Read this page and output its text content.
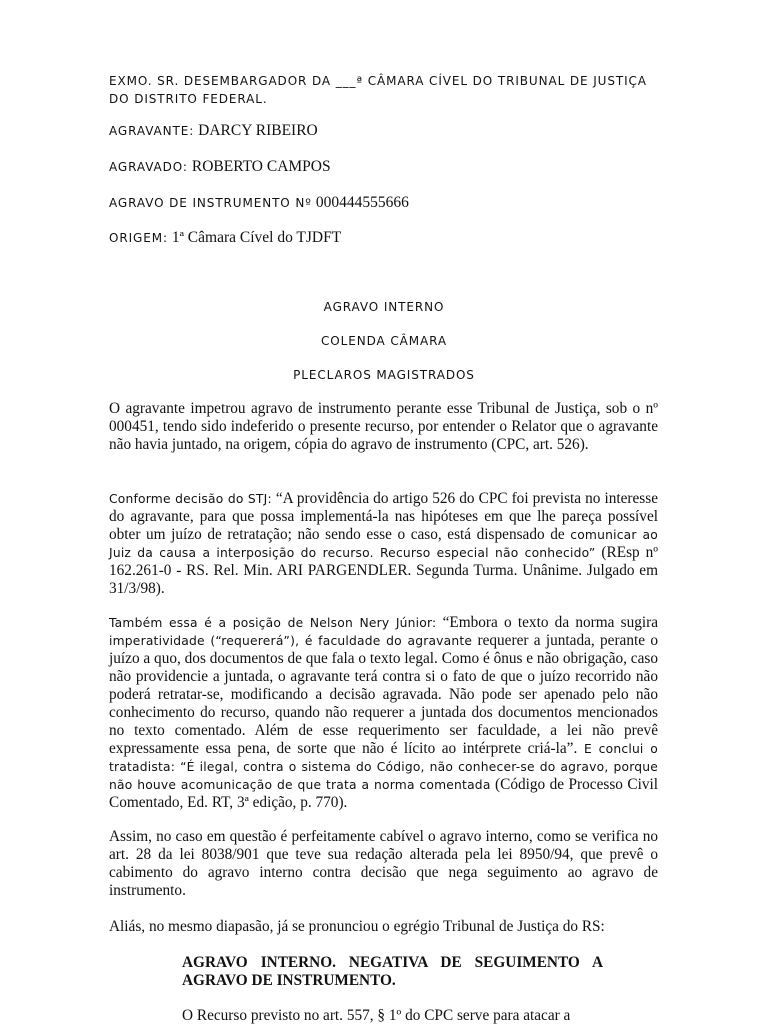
EXMO. SR. DESEMBARGADOR DA ___ª CÂMARA CÍVEL DO TRIBUNAL DE JUSTIÇA DO DISTRITO FEDERAL.
AGRAVANTE: DARCY RIBEIRO
AGRAVADO: ROBERTO CAMPOS
AGRAVO DE INSTRUMENTO Nº 000444555666
ORIGEM: 1ª Câmara Cível do TJDFT
AGRAVO INTERNO
COLENDA CÂMARA
PLECLAROS MAGISTRADOS

O agravante impetrou agravo de instrumento perante esse Tribunal de Justiça, sob o nº 000451, tendo sido indeferido o presente recurso, por entender o Relator que o agravante não havia juntado, na origem, cópia do agravo de instrumento (CPC, art. 526).

Conforme decisão do STJ: “A providência do artigo 526 do CPC foi prevista no interesse do agravante, para que possa implementá-la nas hipóteses em que lhe pareça possível obter um juízo de retratação; não sendo esse o caso, está dispensado de comunicar ao Juiz da causa a interposição do recurso. Recurso especial não conhecido” (REsp nº 162.261-0 - RS. Rel. Min. ARI PARGENDLER. Segunda Turma. Unânime. Julgado em 31/3/98).

Também essa é a posição de Nelson Nery Júnior: “Embora o texto da norma sugira imperatividade (“requererá”), é faculdade do agravante requerer a juntada, perante o juízo a quo, dos documentos de que fala o texto legal. Como é ônus e não obrigação, caso não providencie a juntada, o agravante terá contra si o fato de que o juízo recorrido não poderá retratar-se, modificando a decisão agravada. Não pode ser apenado pelo não conhecimento do recurso, quando não requerer a juntada dos documentos mencionados no texto comentado. Além de esse requerimento ser faculdade, a lei não prevê expressamente essa pena, de sorte que não é lícito ao intérprete criá-la”. E conclui o tratadista: “É ilegal, contra o sistema do Código, não conhecer-se do agravo, porque não houve acomunicação de que trata a norma comentada (Código de Processo Civil Comentado, Ed. RT, 3ª edição, p. 770).

Assim, no caso em questão é perfeitamente cabível o agravo interno, como se verifica no art. 28 da lei 8038/901 que teve sua redação alterada pela lei 8950/94, que prevê o cabimento do agravo interno contra decisão que nega seguimento ao agravo de instrumento.

Aliás, no mesmo diapasão, já se pronunciou o egrégio Tribunal de Justiça do RS:

AGRAVO INTERNO. NEGATIVA DE SEGUIMENTO A AGRAVO DE INSTRUMENTO.

O Recurso previsto no art. 557, § 1º do CPC serve para atacar a
